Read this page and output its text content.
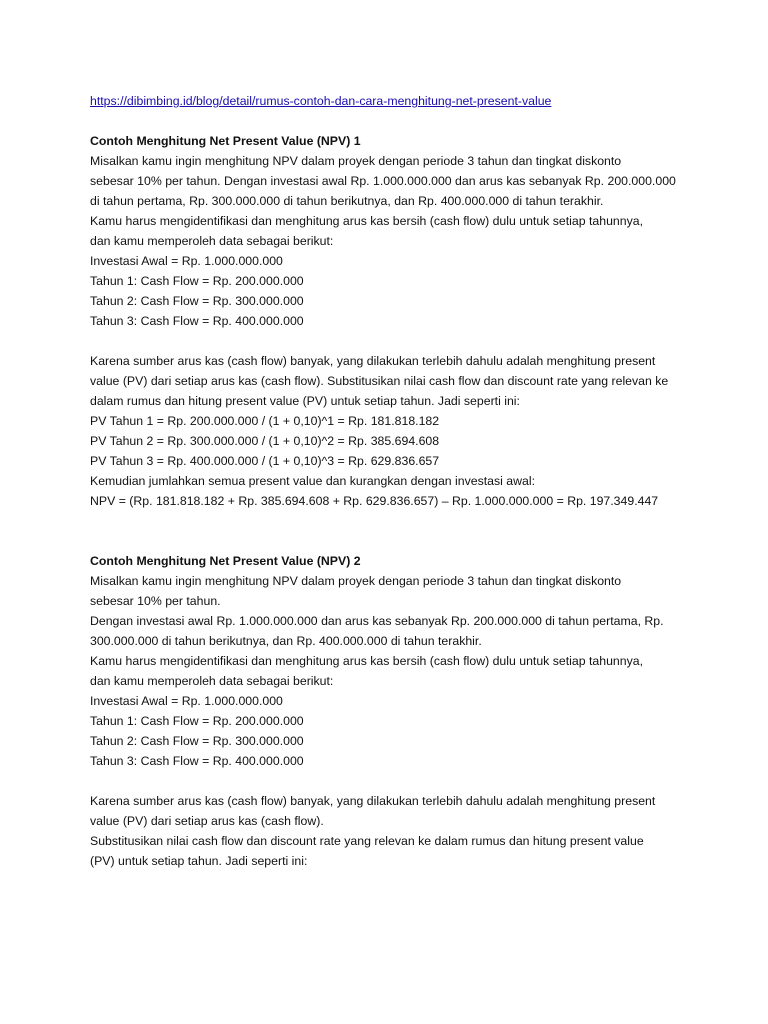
https://dibimbing.id/blog/detail/rumus-contoh-dan-cara-menghitung-net-present-value
Contoh Menghitung Net Present Value (NPV) 1
Misalkan kamu ingin menghitung NPV dalam proyek dengan periode 3 tahun dan tingkat diskonto
sebesar 10% per tahun. Dengan investasi awal Rp. 1.000.000.000 dan arus kas sebanyak Rp. 200.000.000
di tahun pertama, Rp. 300.000.000 di tahun berikutnya, dan Rp. 400.000.000 di tahun terakhir.
Kamu harus mengidentifikasi dan menghitung arus kas bersih (cash flow) dulu untuk setiap tahunnya,
dan kamu memperoleh data sebagai berikut:
Investasi Awal = Rp. 1.000.000.000
Tahun 1: Cash Flow = Rp. 200.000.000
Tahun 2: Cash Flow = Rp. 300.000.000
Tahun 3: Cash Flow = Rp. 400.000.000
Karena sumber arus kas (cash flow) banyak, yang dilakukan terlebih dahulu adalah menghitung present
value (PV) dari setiap arus kas (cash flow). Substitusikan nilai cash flow dan discount rate yang relevan ke
dalam rumus dan hitung present value (PV) untuk setiap tahun. Jadi seperti ini:
PV Tahun 1 = Rp. 200.000.000 / (1 + 0,10)^1 = Rp. 181.818.182
PV Tahun 2 = Rp. 300.000.000 / (1 + 0,10)^2 = Rp. 385.694.608
PV Tahun 3 = Rp. 400.000.000 / (1 + 0,10)^3 = Rp. 629.836.657
Kemudian jumlahkan semua present value dan kurangkan dengan investasi awal:
NPV = (Rp. 181.818.182 + Rp. 385.694.608 + Rp. 629.836.657) – Rp. 1.000.000.000 = Rp. 197.349.447
Contoh Menghitung Net Present Value (NPV) 2
Misalkan kamu ingin menghitung NPV dalam proyek dengan periode 3 tahun dan tingkat diskonto
sebesar 10% per tahun.
Dengan investasi awal Rp. 1.000.000.000 dan arus kas sebanyak Rp. 200.000.000 di tahun pertama, Rp.
300.000.000 di tahun berikutnya, dan Rp. 400.000.000 di tahun terakhir.
Kamu harus mengidentifikasi dan menghitung arus kas bersih (cash flow) dulu untuk setiap tahunnya,
dan kamu memperoleh data sebagai berikut:
Investasi Awal = Rp. 1.000.000.000
Tahun 1: Cash Flow = Rp. 200.000.000
Tahun 2: Cash Flow = Rp. 300.000.000
Tahun 3: Cash Flow = Rp. 400.000.000
Karena sumber arus kas (cash flow) banyak, yang dilakukan terlebih dahulu adalah menghitung present
value (PV) dari setiap arus kas (cash flow).
Substitusikan nilai cash flow dan discount rate yang relevan ke dalam rumus dan hitung present value
(PV) untuk setiap tahun. Jadi seperti ini:
